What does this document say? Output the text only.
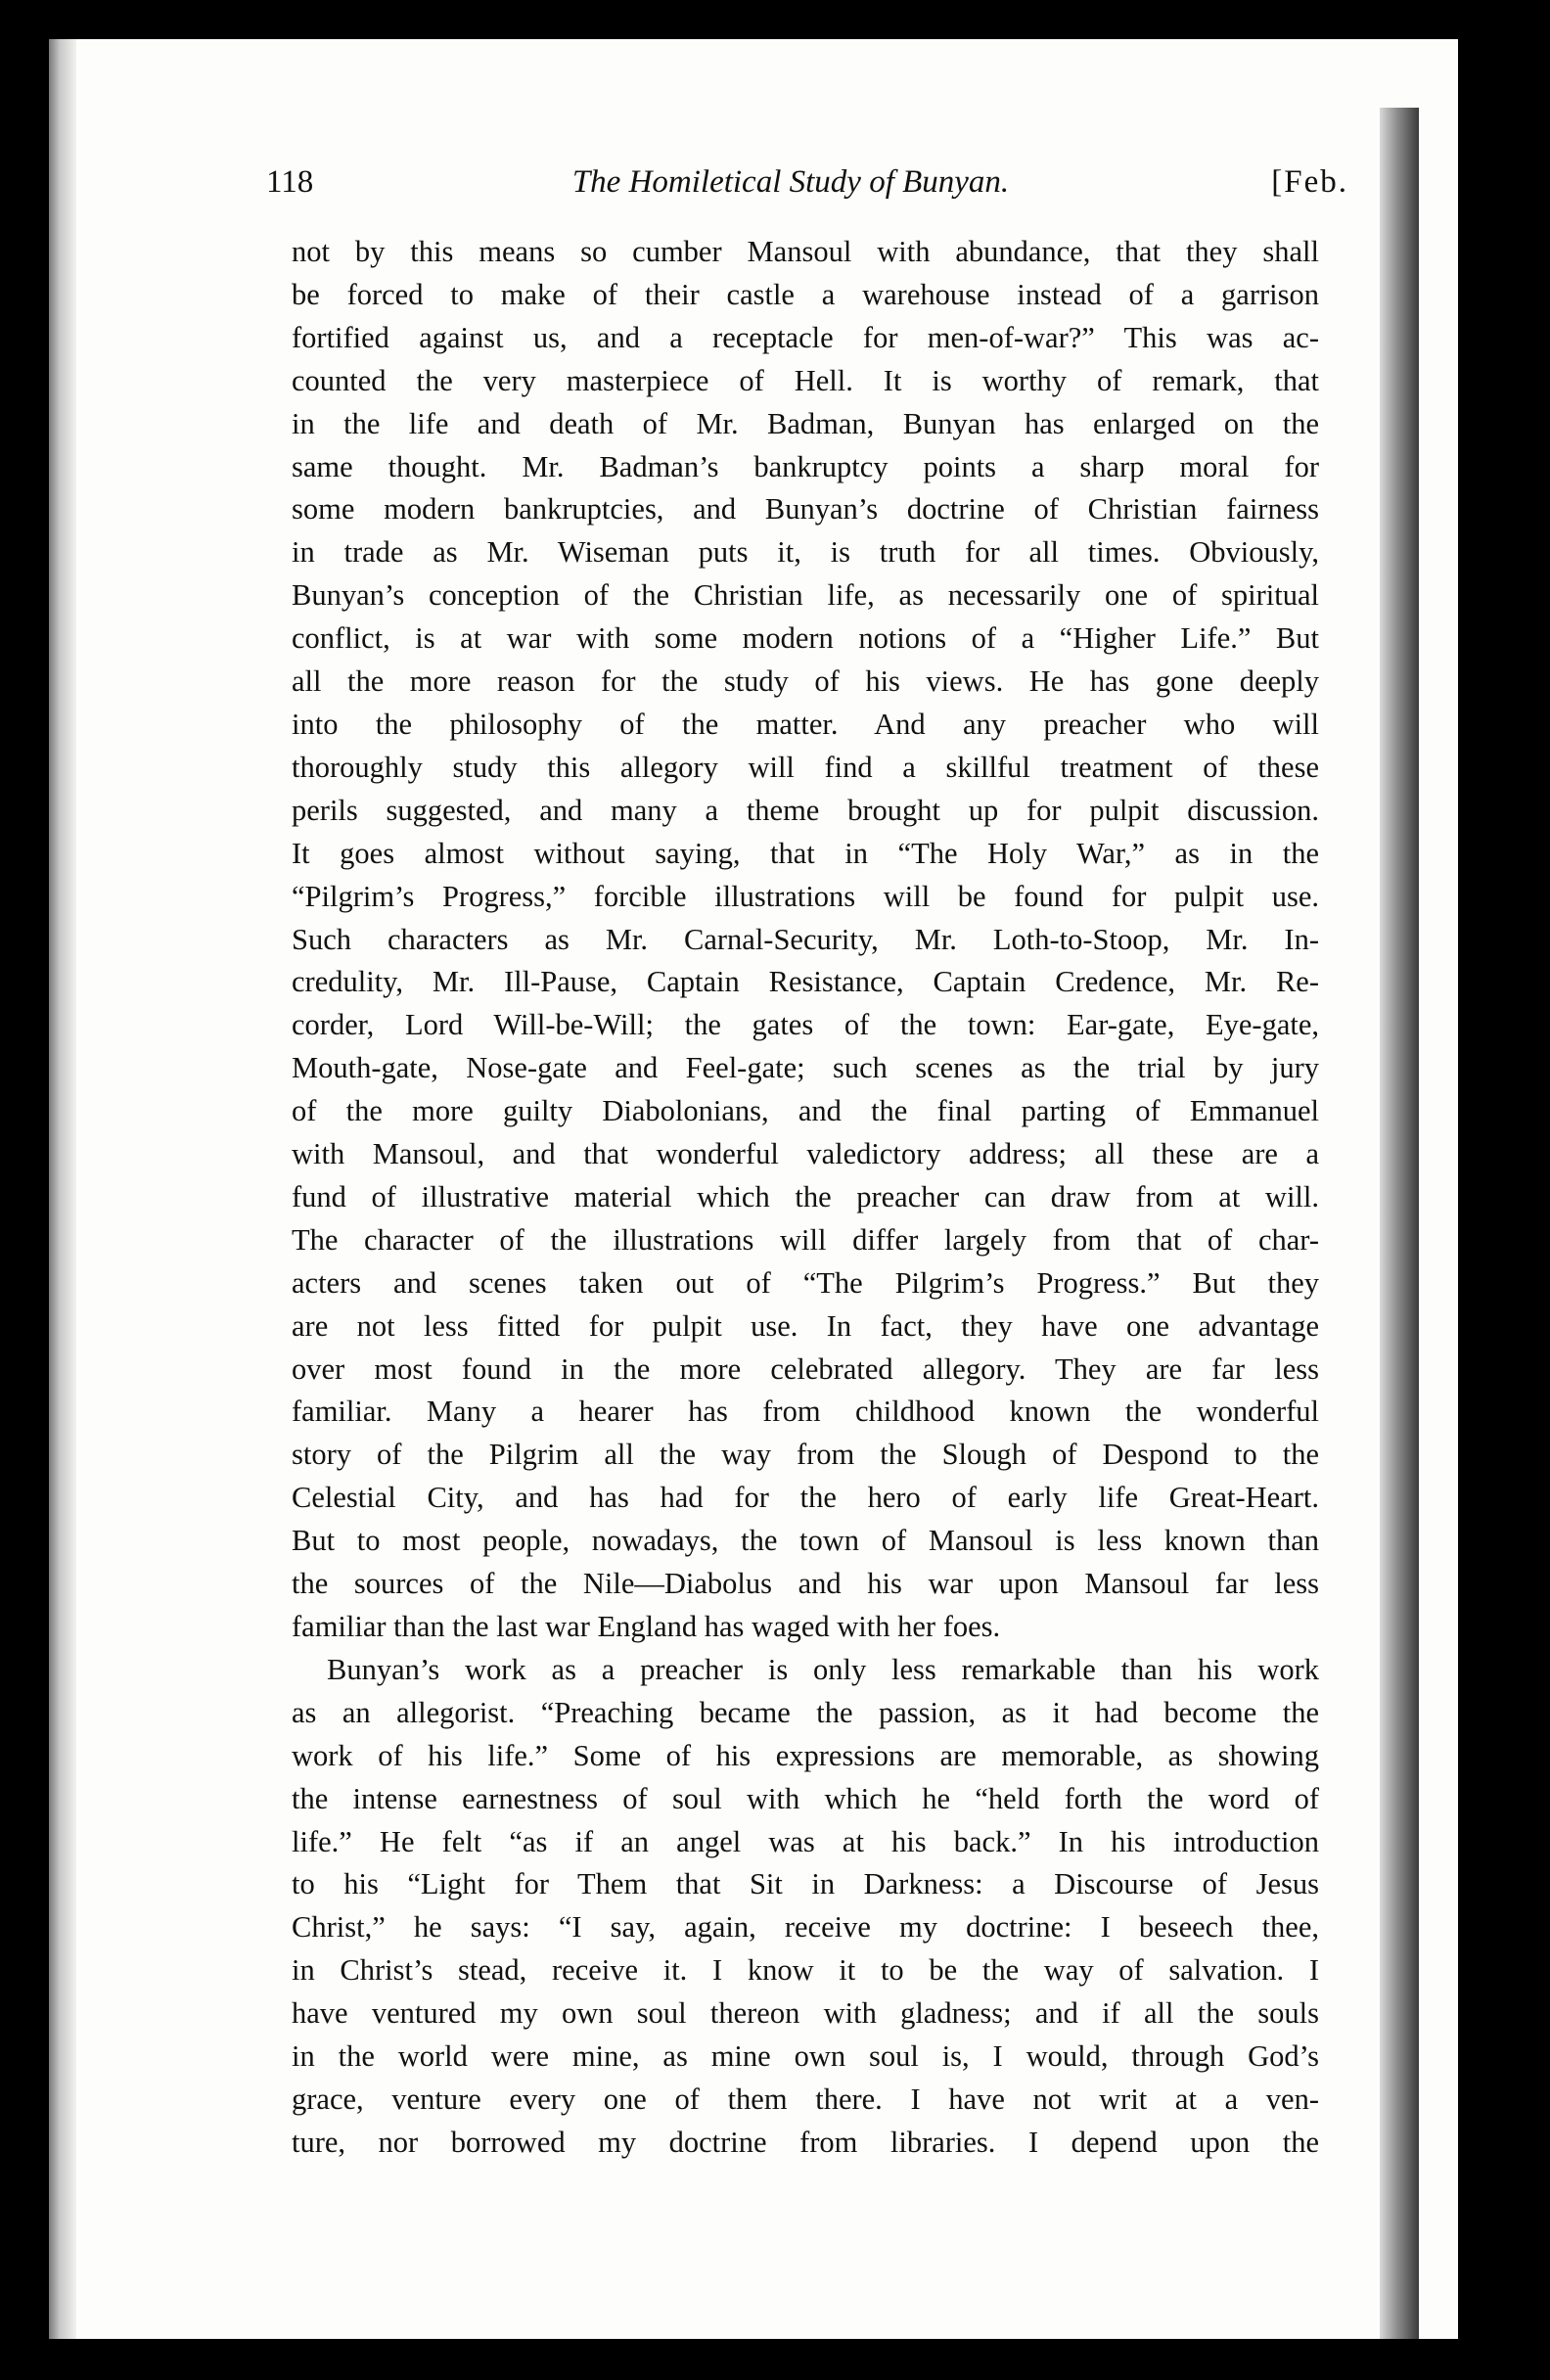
118	The Homiletical Study of Bunyan.	[Feb.
not by this means so cumber Mansoul with abundance, that they shall
be forced to make of their castle a warehouse instead of a garrison
fortified against us, and a receptacle for men-of-war?” This was ac-
counted the very masterpiece of Hell. It is worthy of remark, that
in the life and death of Mr. Badman, Bunyan has enlarged on the
same thought. Mr. Badman’s bankruptcy points a sharp moral for
some modern bankruptcies, and Bunyan’s doctrine of Christian fairness
in trade as Mr. Wiseman puts it, is truth for all times. Obviously,
Bunyan’s conception of the Christian life, as necessarily one of spiritual
conflict, is at war with some modern notions of a “Higher Life.” But
all the more reason for the study of his views. He has gone deeply
into the philosophy of the matter. And any preacher who will
thoroughly study this allegory will find a skillful treatment of these
perils suggested, and many a theme brought up for pulpit discussion.
It goes almost without saying, that in “The Holy War,” as in the
“Pilgrim’s Progress,” forcible illustrations will be found for pulpit use.
Such characters as Mr. Carnal-Security, Mr. Loth-to-Stoop, Mr. In-
credulity, Mr. Ill-Pause, Captain Resistance, Captain Credence, Mr. Re-
corder, Lord Will-be-Will; the gates of the town: Ear-gate, Eye-gate,
Mouth-gate, Nose-gate and Feel-gate; such scenes as the trial by jury
of the more guilty Diabolonians, and the final parting of Emmanuel
with Mansoul, and that wonderful valedictory address; all these are a
fund of illustrative material which the preacher can draw from at will.
The character of the illustrations will differ largely from that of char-
acters and scenes taken out of “The Pilgrim’s Progress.” But they
are not less fitted for pulpit use. In fact, they have one advantage
over most found in the more celebrated allegory. They are far less
familiar. Many a hearer has from childhood known the wonderful
story of the Pilgrim all the way from the Slough of Despond to the
Celestial City, and has had for the hero of early life Great-Heart.
But to most people, nowadays, the town of Mansoul is less known than
the sources of the Nile—Diabolus and his war upon Mansoul far less
familiar than the last war England has waged with her foes.
Bunyan’s work as a preacher is only less remarkable than his work
as an allegorist. “Preaching became the passion, as it had become the
work of his life.” Some of his expressions are memorable, as showing
the intense earnestness of soul with which he “held forth the word of
life.” He felt “as if an angel was at his back.” In his introduction
to his “Light for Them that Sit in Darkness: a Discourse of Jesus
Christ,” he says: “I say, again, receive my doctrine: I beseech thee,
in Christ’s stead, receive it. I know it to be the way of salvation. I
have ventured my own soul thereon with gladness; and if all the souls
in the world were mine, as mine own soul is, I would, through God’s
grace, venture every one of them there. I have not writ at a ven-
ture, nor borrowed my doctrine from libraries. I depend upon the
